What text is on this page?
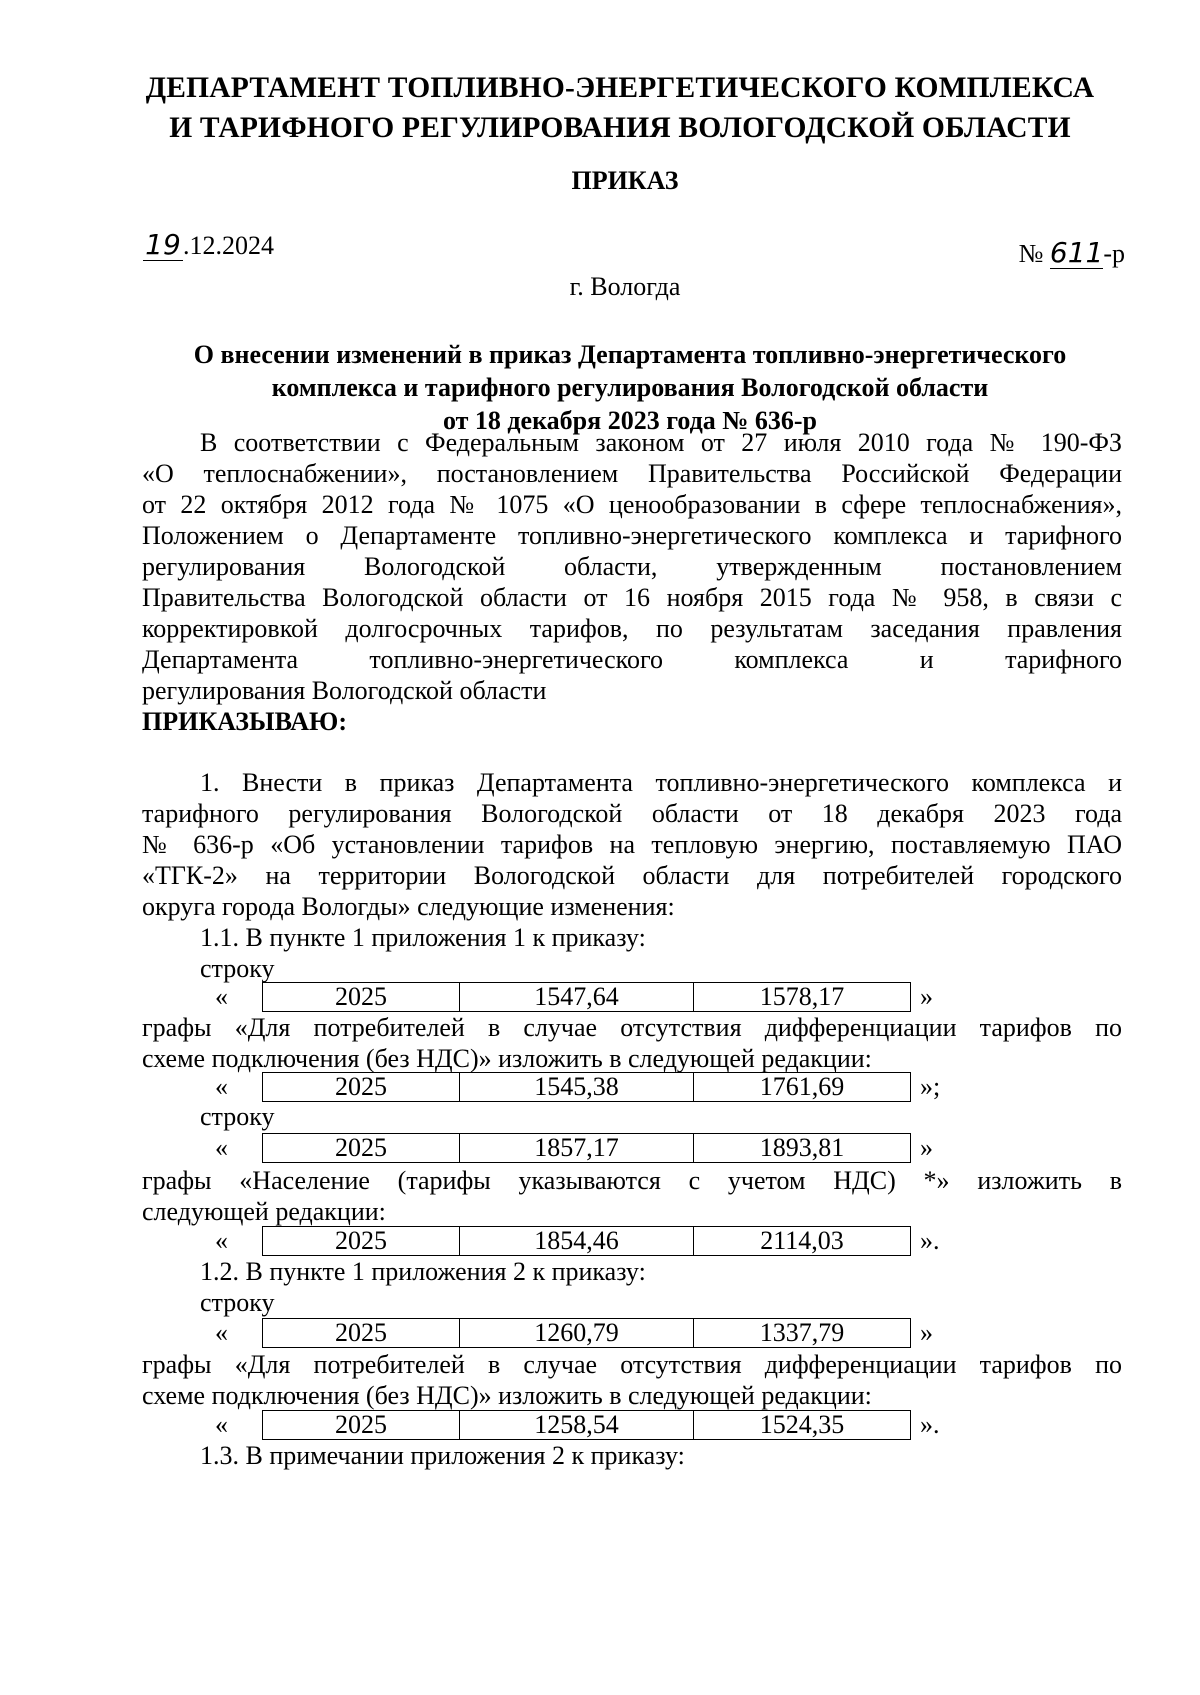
ДЕПАРТАМЕНТ ТОПЛИВНО-ЭНЕРГЕТИЧЕСКОГО КОМПЛЕКСА
И ТАРИФНОГО РЕГУЛИРОВАНИЯ ВОЛОГОДСКОЙ ОБЛАСТИ
ПРИКАЗ
19.12.2024	№ 611-р
г. Вологда
О внесении изменений в приказ Департамента топливно-энергетического
комплекса и тарифного регулирования Вологодской области
от 18 декабря 2023 года № 636-р
В соответствии с Федеральным законом от 27 июля 2010 года № 190-ФЗ
«О теплоснабжении», постановлением Правительства Российской Федерации
от 22 октября 2012 года № 1075 «О ценообразовании в сфере теплоснабжения»,
Положением о Департаменте топливно-энергетического комплекса и тарифного
регулирования Вологодской области, утвержденным постановлением
Правительства Вологодской области от 16 ноября 2015 года № 958, в связи с
корректировкой долгосрочных тарифов, по результатам заседания правления
Департамента топливно-энергетического комплекса и тарифного
регулирования Вологодской области
ПРИКАЗЫВАЮ:
1. Внести в приказ Департамента топливно-энергетического комплекса и
тарифного регулирования Вологодской области от 18 декабря 2023 года
№ 636-р «Об установлении тарифов на тепловую энергию, поставляемую ПАО
«ТГК-2» на территории Вологодской области для потребителей городского
округа города Вологды» следующие изменения:
1.1. В пункте 1 приложения 1 к приказу:
строку
«	2025	1547,64	1578,17	»
графы «Для потребителей в случае отсутствия дифференциации тарифов по
схеме подключения (без НДС)» изложить в следующей редакции:
«	2025	1545,38	1761,69	»;
строку
«	2025	1857,17	1893,81	»
графы «Население (тарифы указываются с учетом НДС) *» изложить в
следующей редакции:
«	2025	1854,46	2114,03	».
1.2. В пункте 1 приложения 2 к приказу:
строку
«	2025	1260,79	1337,79	»
графы «Для потребителей в случае отсутствия дифференциации тарифов по
схеме подключения (без НДС)» изложить в следующей редакции:
«	2025	1258,54	1524,35	».
1.3. В примечании приложения 2 к приказу:
